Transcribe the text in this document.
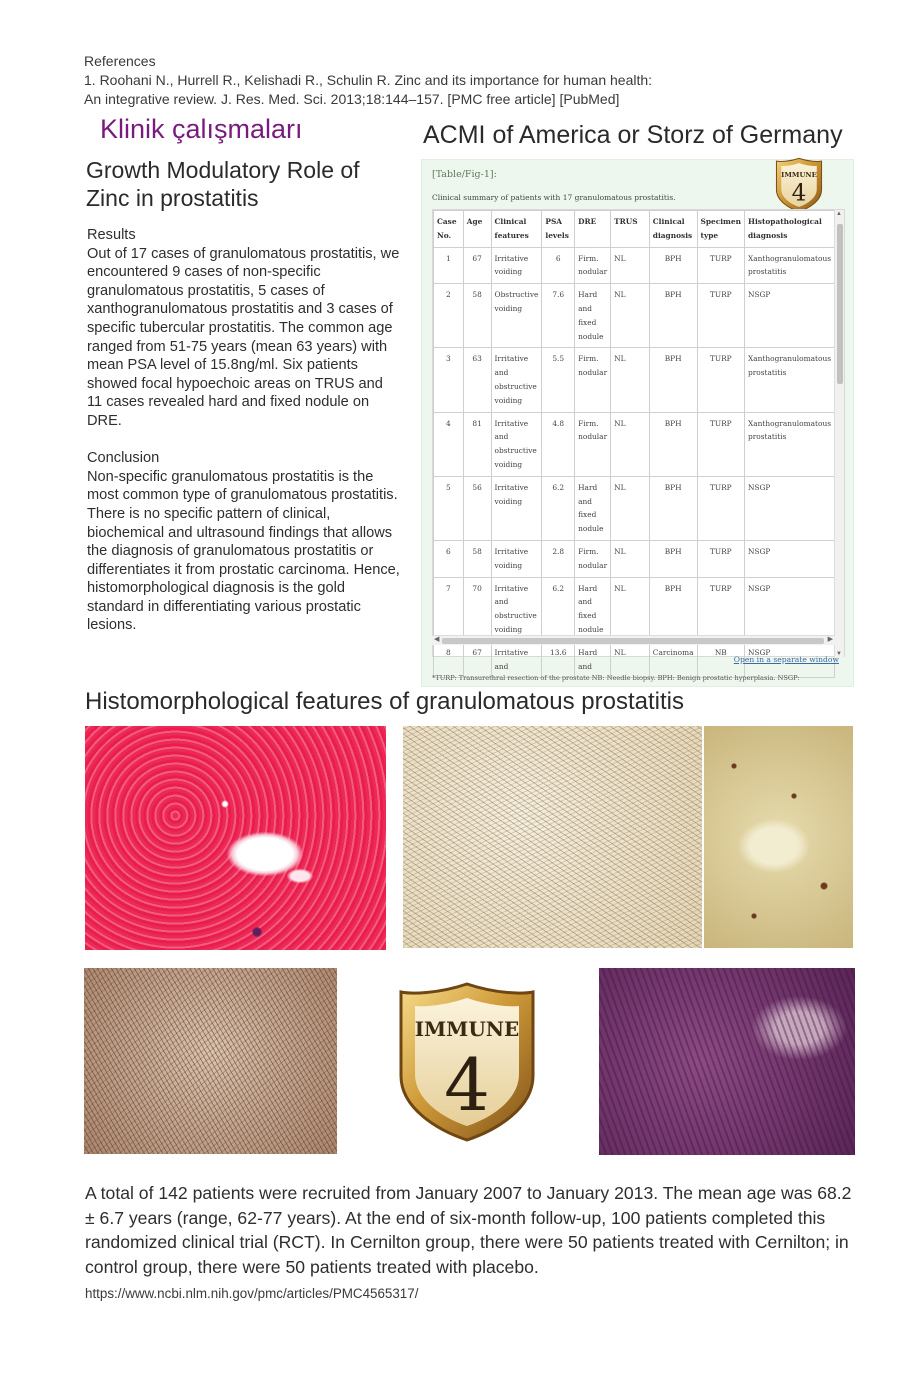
References
1. Roohani N., Hurrell R., Kelishadi R., Schulin R. Zinc and its importance for human health:
An integrative review. J. Res. Med. Sci. 2013;18:144–157. [PMC free article] [PubMed]
Klinik çalışmaları	ACMI of America or Storz of Germany
Growth Modulatory Role of Zinc in prostatitis
Results
Out of 17 cases of granulomatous prostatitis, we encountered 9 cases of non-specific granulomatous prostatitis, 5 cases of xanthogranulomatous prostatitis and 3 cases of specific tubercular prostatitis. The common age ranged from 51-75 years (mean 63 years) with mean PSA level of 15.8ng/ml. Six patients showed focal hypoechoic areas on TRUS and 11 cases revealed hard and fixed nodule on DRE.
Conclusion
Non-specific granulomatous prostatitis is the most common type of granulomatous prostatitis. There is no specific pattern of clinical, biochemical and ultrasound findings that allows the diagnosis of granulomatous prostatitis or differentiates it from prostatic carcinoma. Hence, histomorphological diagnosis is the gold standard in differentiating various prostatic lesions.
[Table/Fig-1]:	IMMUNE
4
Clinical summary of patients with 17 granulomatous prostatitis.
Case No.	Age	Clinical features	PSA levels	DRE	TRUS	Clinical diagnosis	Specimen type	Histopathological diagnosis
1	67	Irritative voiding	6	Firm. nodular	NL	BPH	TURP	Xanthogranulomatous prostatitis
2	58	Obstructive voiding	7.6	Hard and fixed nodule	NL	BPH	TURP	NSGP
3	63	Irritative and obstructive voiding	5.5	Firm. nodular	NL	BPH	TURP	Xanthogranulomatous prostatitis
4	81	Irritative and obstructive voiding	4.8	Firm. nodular	NL	BPH	TURP	Xanthogranulomatous prostatitis
5	56	Irritative voiding	6.2	Hard and fixed nodule	NL	BPH	TURP	NSGP
6	58	Irritative voiding	2.8	Firm. nodular	NL	BPH	TURP	NSGP
7	70	Irritative and obstructive voiding	6.2	Hard and fixed nodule	NL	BPH	TURP	NSGP
8	67	Irritative and	13.6	Hard and	NL	Carcinoma	NB	NSGP
▲
▼
◀	▶
Open in a separate window
*TURP: Transurethral resection of the prostate NB: Needle biopsy. BPH: Benign prostatic hyperplasia. NSGP:
Histomorphological features of granulomatous prostatitis
IMMUNE
4
A total of 142 patients were recruited from January 2007 to January 2013. The mean age was 68.2 ± 6.7 years (range, 62-77 years). At the end of six-month follow-up, 100 patients completed this randomized clinical trial (RCT). In Cernilton group, there were 50 patients treated with Cernilton; in control group, there were 50 patients treated with placebo.
https://www.ncbi.nlm.nih.gov/pmc/articles/PMC4565317/
